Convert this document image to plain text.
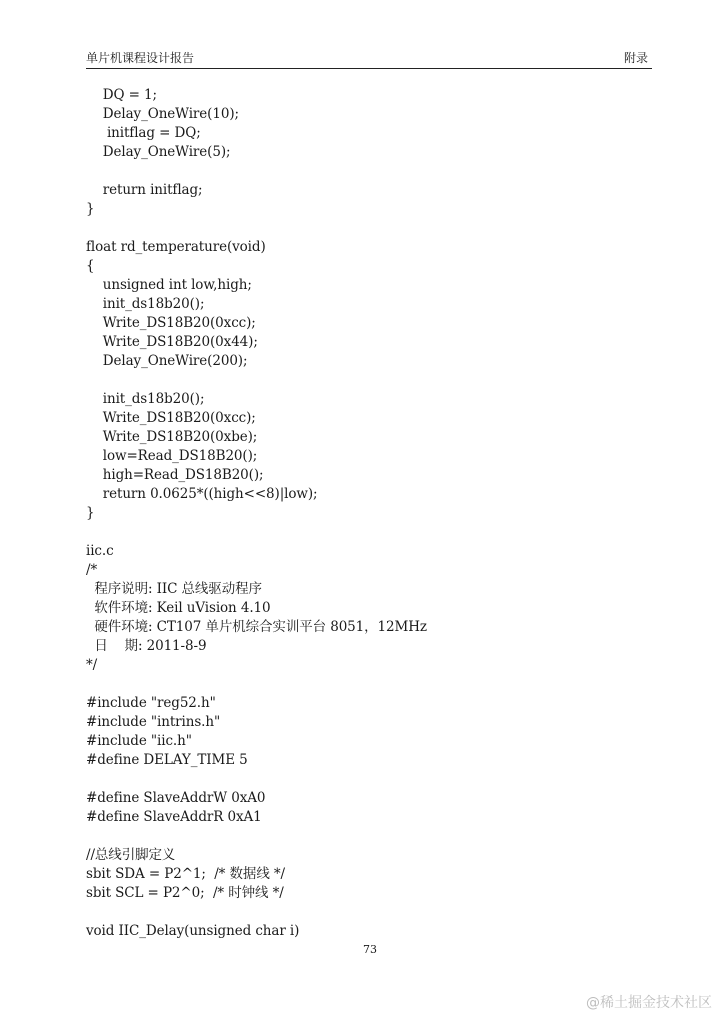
单片机课程设计报告	附录
DQ = 1;
Delay_OneWire(10);
initflag = DQ;
Delay_OneWire(5);
return initflag;
}
float rd_temperature(void)
{
unsigned int low,high;
init_ds18b20();
Write_DS18B20(0xcc);
Write_DS18B20(0x44);
Delay_OneWire(200);
init_ds18b20();
Write_DS18B20(0xcc);
Write_DS18B20(0xbe);
low=Read_DS18B20();
high=Read_DS18B20();
return 0.0625*((high<<8)|low);
}
iic.c
/*
程序说明: IIC 总线驱动程序
软件环境: Keil uVision 4.10
硬件环境: CT107 单片机综合实训平台 8051，12MHz
日    期: 2011-8-9
*/
#include "reg52.h"
#include "intrins.h"
#include "iic.h"
#define DELAY_TIME 5
#define SlaveAddrW 0xA0
#define SlaveAddrR 0xA1
//总线引脚定义
sbit SDA = P2^1;  /* 数据线 */
sbit SCL = P2^0;  /* 时钟线 */
void IIC_Delay(unsigned char i)
73
@稀土掘金技术社区
